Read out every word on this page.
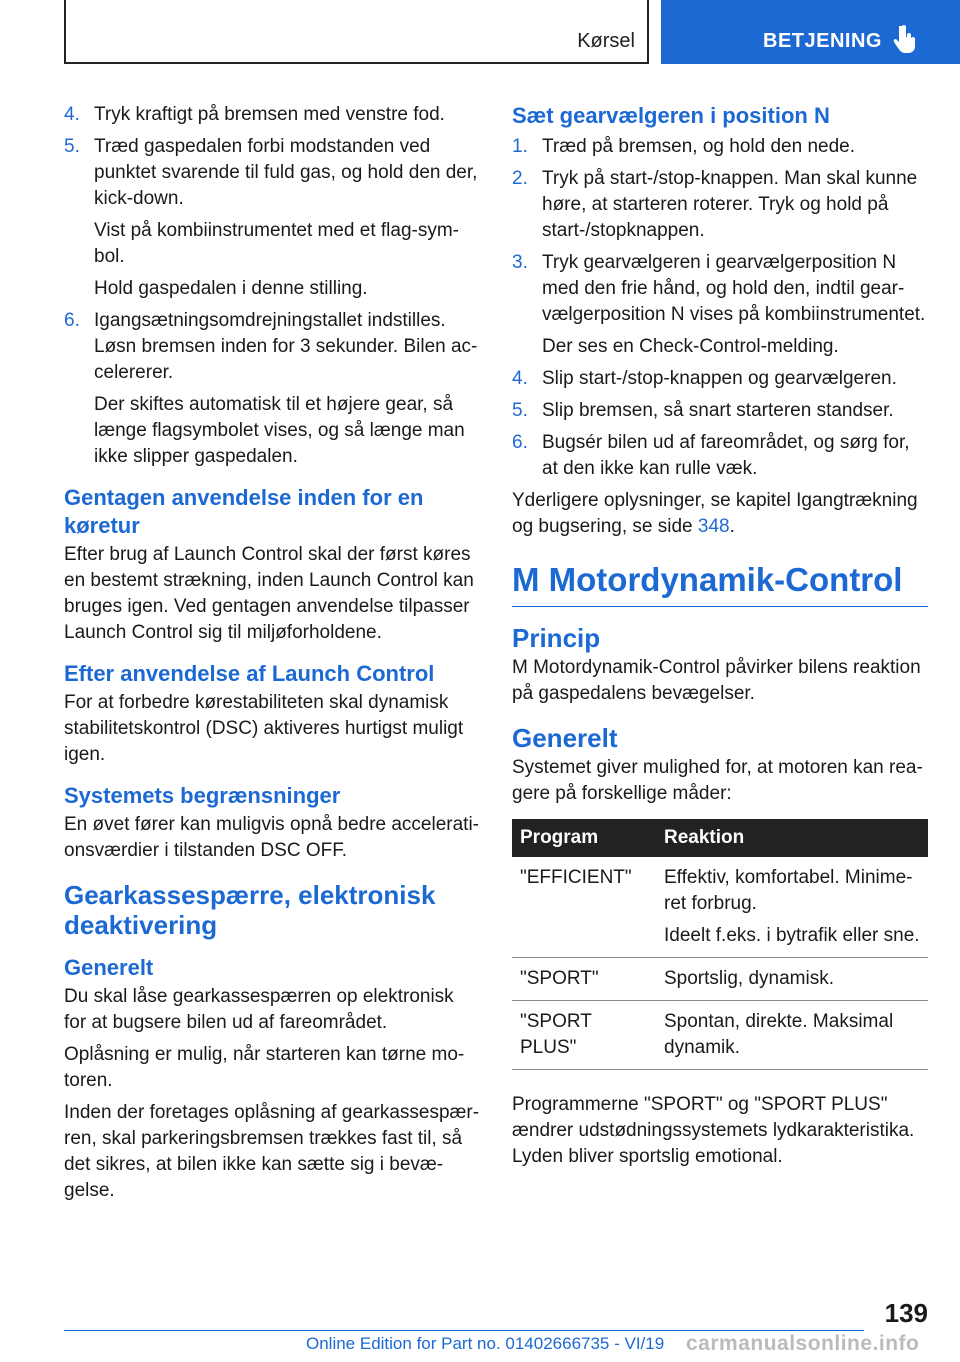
Kørsel	BETJENING
4. Tryk kraftigt på bremsen med venstre fod.

5. Træd gaspedalen forbi modstanden ved punktet svarende til fuld gas, og hold den der, kick-down.

Vist på kombiinstrumentet med et flag-sym- bol.

Hold gaspedalen i denne stilling.

6. Igangsætningsomdrejningstallet indstilles. Løsn bremsen inden for 3 sekunder. Bilen ac- celererer.

Der skiftes automatisk til et højere gear, så længe flagsymbolet vises, og så længe man ikke slipper gaspedalen.

Gentagen anvendelse inden for en køretur

Efter brug af Launch Control skal der først køres en bestemt strækning, inden Launch Control kan bruges igen. Ved gentagen anvendelse tilpasser Launch Control sig til miljøforholdene.

Efter anvendelse af Launch Control

For at forbedre kørestabiliteten skal dynamisk stabilitetskontrol (DSC) aktiveres hurtigst muligt igen.

Systemets begrænsninger

En øvet fører kan muligvis opnå bedre accelerati- onsværdier i tilstanden DSC OFF.

Gearkassespærre, elektronisk deaktivering
Generelt

Du skal låse gearkassespærren op elektronisk for at bugsere bilen ud af fareområdet.

Oplåsning er mulig, når starteren kan tørne mo- toren.

Inden der foretages oplåsning af gearkassespær- ren, skal parkeringsbremsen trækkes fast til, så det sikres, at bilen ikke kan sætte sig i bevæ- gelse.

Sæt gearvælgeren i position N
1. Træd på bremsen, og hold den nede.

2. Tryk på start-/stop-knappen. Man skal kunne høre, at starteren roterer. Tryk og hold på start-/stopknappen.

3. Tryk gearvælgeren i gearvælgerposition N med den frie hånd, og hold den, indtil gear- vælgerposition N vises på kombiinstrumentet.

Der ses en Check-Control-melding.

4. Slip start-/stop-knappen og gearvælgeren.

5. Slip bremsen, så snart starteren standser.

6. Bugsér bilen ud af fareområdet, og sørg for, at den ikke kan rulle væk.

Yderligere oplysninger, se kapitel Igangtrækning og bugsering, se side 348.

M Motordynamik-Control
Princip

M Motordynamik-Control påvirker bilens reaktion på gaspedalens bevægelser.

Generelt

Systemet giver mulighed for, at motoren kan rea- gere på forskellige måder:

Program	Reaktion
"EFFICIENT"	Effektiv, komfortabel. Minime- ret forbrug.

Ideelt f.eks. i bytrafik eller sne.

"SPORT"	Sportslig, dynamisk.

"SPORT PLUS"	Spontan, direkte. Maksimal dynamik.

Programmerne "SPORT" og "SPORT PLUS" ændrer udstødningssystemets lydkarakteristika. Lyden bliver sportslig emotional.

139
Online Edition for Part no. 01402666735 - VI/19 carmanualsonline.info
